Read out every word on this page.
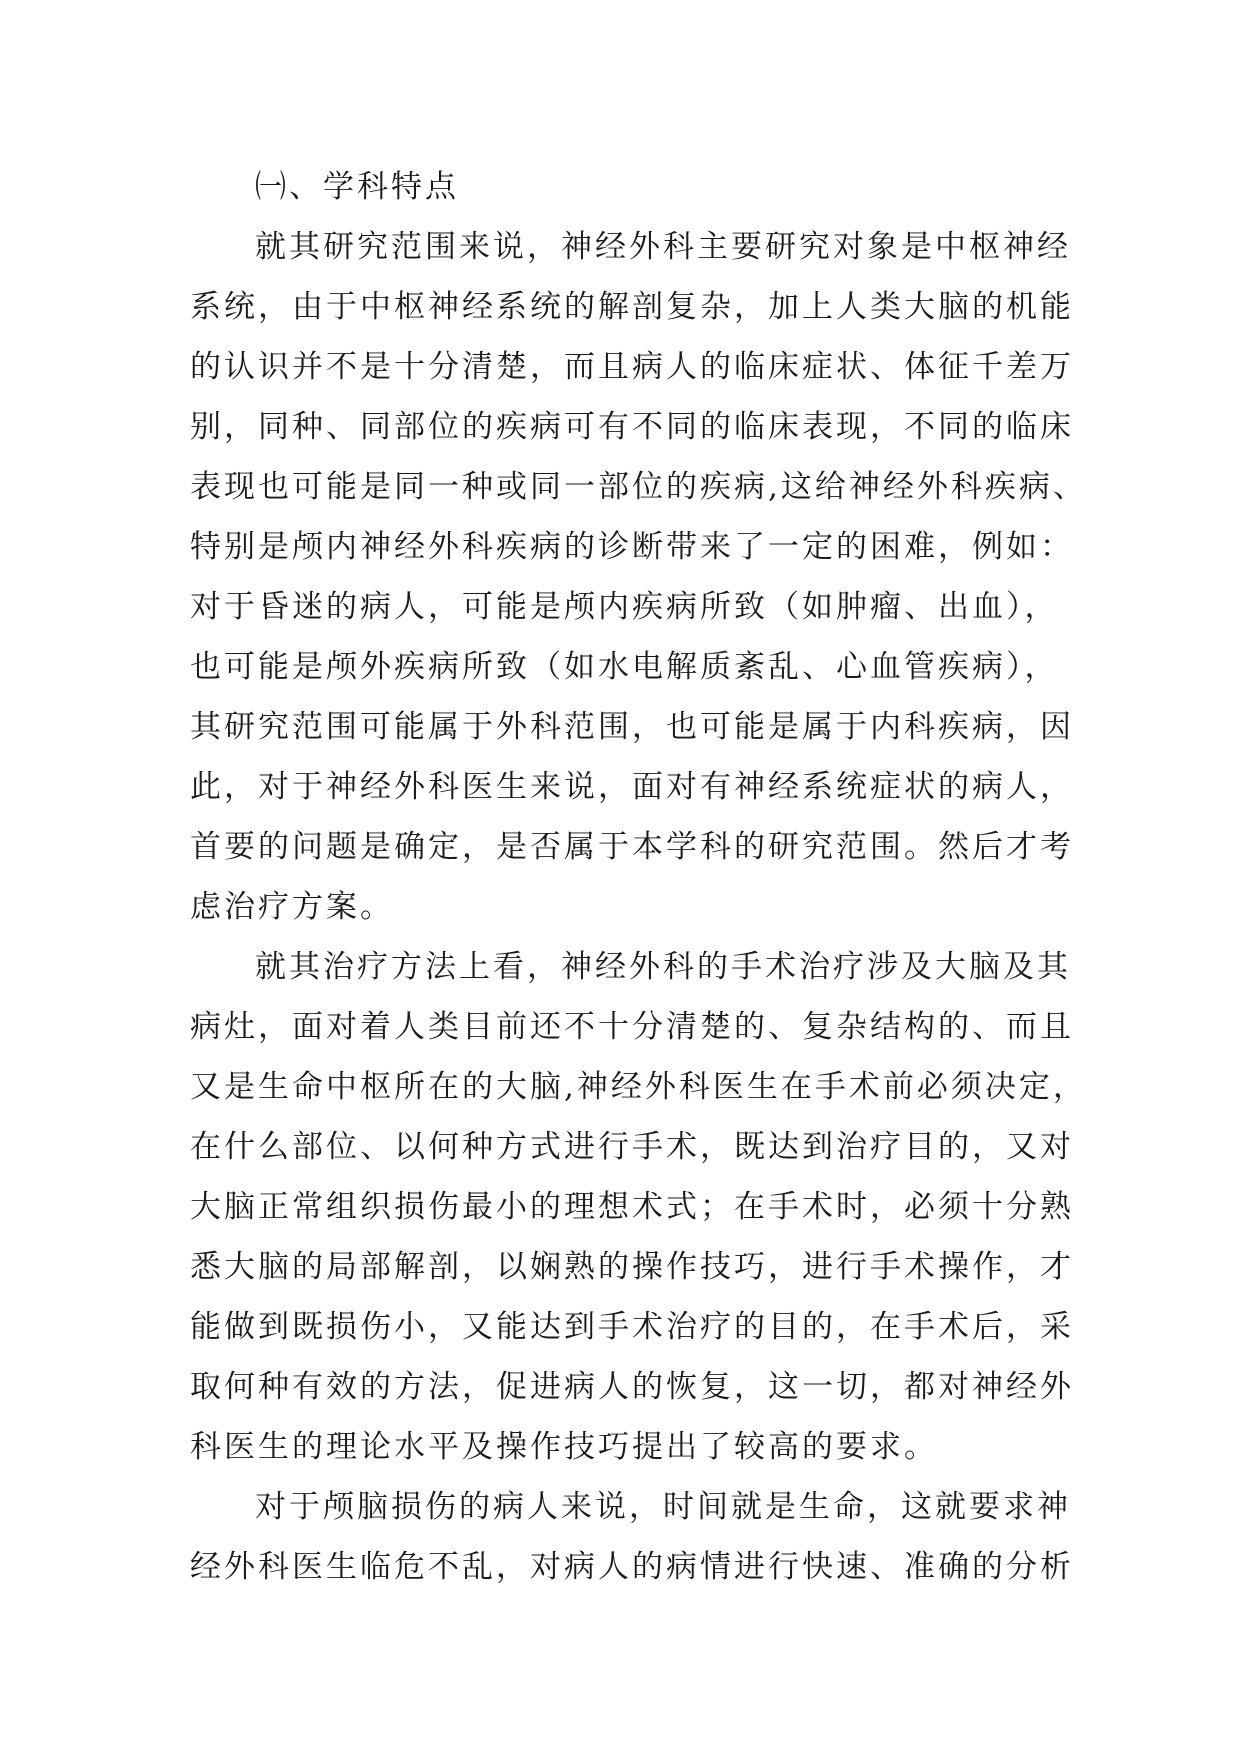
㈠、学科特点
就其研究范围来说，神经外科主要研究对象是中枢神经
系统，由于中枢神经系统的解剖复杂，加上人类大脑的机能
的认识并不是十分清楚，而且病人的临床症状、体征千差万
别，同种、同部位的疾病可有不同的临床表现，不同的临床
表现也可能是同一种或同一部位的疾病,这给神经外科疾病、
特别是颅内神经外科疾病的诊断带来了一定的困难，例如：
对于昏迷的病人，可能是颅内疾病所致（如肿瘤、出血），
也可能是颅外疾病所致（如水电解质紊乱、心血管疾病），
其研究范围可能属于外科范围，也可能是属于内科疾病，因
此，对于神经外科医生来说，面对有神经系统症状的病人，
首要的问题是确定，是否属于本学科的研究范围。然后才考
虑治疗方案。
就其治疗方法上看，神经外科的手术治疗涉及大脑及其
病灶，面对着人类目前还不十分清楚的、复杂结构的、而且
又是生命中枢所在的大脑,神经外科医生在手术前必须决定，
在什么部位、以何种方式进行手术，既达到治疗目的，又对
大脑正常组织损伤最小的理想术式；在手术时，必须十分熟
悉大脑的局部解剖，以娴熟的操作技巧，进行手术操作，才
能做到既损伤小，又能达到手术治疗的目的，在手术后，采
取何种有效的方法，促进病人的恢复，这一切，都对神经外
科医生的理论水平及操作技巧提出了较高的要求。
对于颅脑损伤的病人来说，时间就是生命，这就要求神
经外科医生临危不乱，对病人的病情进行快速、准确的分析
